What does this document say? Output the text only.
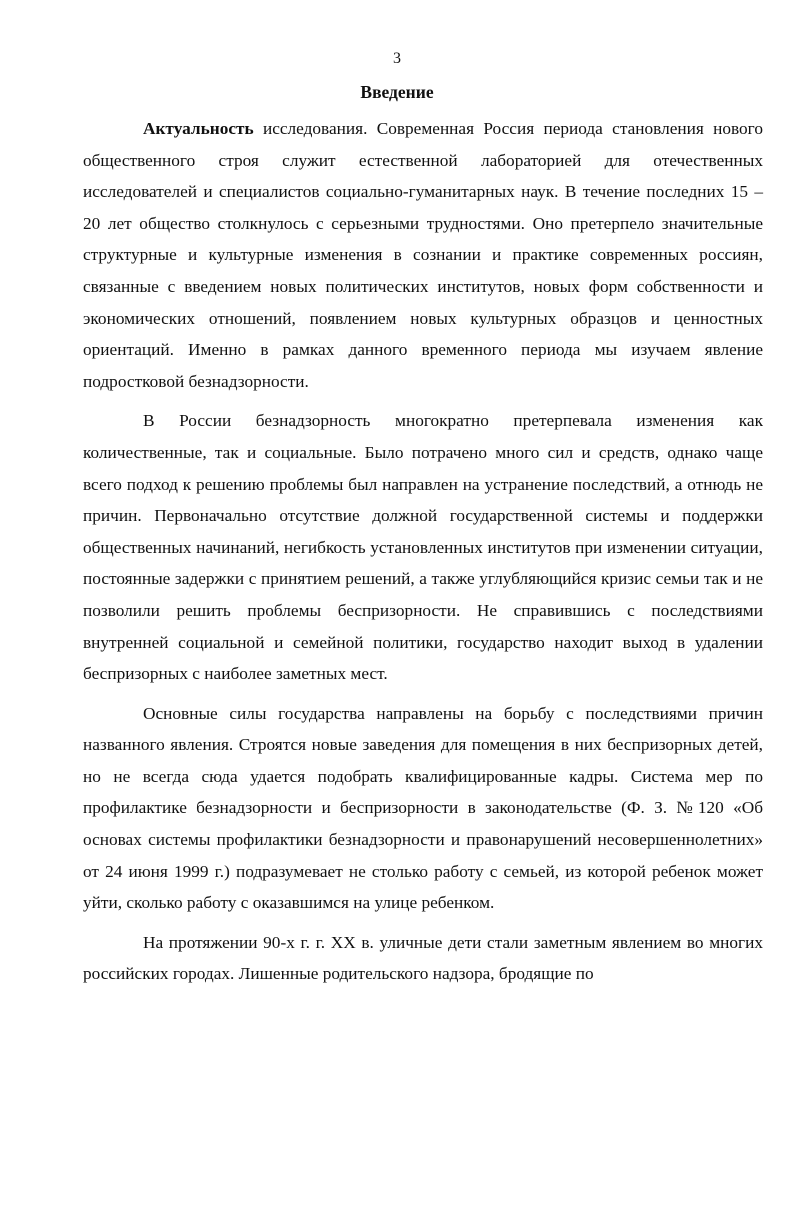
3
Введение

Актуальность исследования. Современная Россия периода становления нового общественного строя служит естественной лабораторией для отечественных исследователей и специалистов социально-гуманитарных наук. В течение последних 15 – 20 лет общество столкнулось с серьезными трудностями. Оно претерпело значительные структурные и культурные изменения в сознании и практике современных россиян, связанные с введением новых политических институтов, новых форм собственности и экономических отношений, появлением новых культурных образцов и ценностных ориентаций. Именно в рамках данного временного периода мы изучаем явление подростковой безнадзорности.

В России безнадзорность многократно претерпевала изменения как количественные, так и социальные. Было потрачено много сил и средств, однако чаще всего подход к решению проблемы был направлен на устранение последствий, а отнюдь не причин. Первоначально отсутствие должной государственной системы и поддержки общественных начинаний, негибкость установленных институтов при изменении ситуации, постоянные задержки с принятием решений, а также углубляющийся кризис семьи так и не позволили решить проблемы беспризорности. Не справившись с последствиями внутренней социальной и семейной политики, государство находит выход в удалении беспризорных с наиболее заметных мест.

Основные силы государства направлены на борьбу с последствиями причин названного явления. Строятся новые заведения для помещения в них беспризорных детей, но не всегда сюда удается подобрать квалифицированные кадры. Система мер по профилактике безнадзорности и беспризорности в законодательстве (Ф. З. №120 «Об основах системы профилактики безнадзорности и правонарушений несовершеннолетних» от 24 июня 1999 г.) подразумевает не столько работу с семьей, из которой ребенок может уйти, сколько работу с оказавшимся на улице ребенком.

На протяжении 90-х г. г. XX в. уличные дети стали заметным явлением во многих российских городах. Лишенные родительского надзора, бродящие по
